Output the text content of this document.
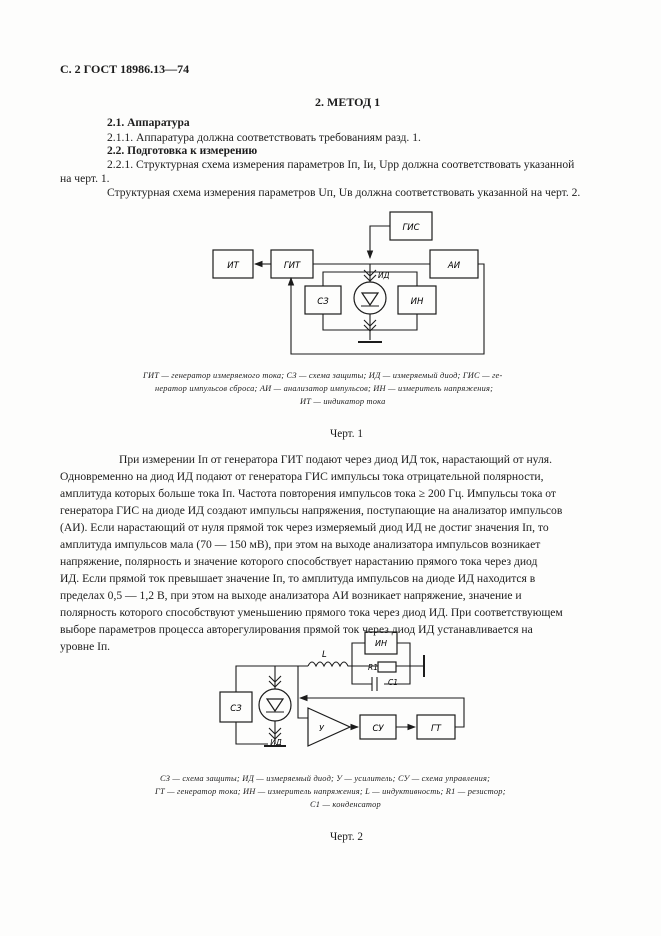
С. 2 ГОСТ 18986.13—74
2. МЕТОД 1
2.1. Аппаратура
2.1.1. Аппаратура должна соответствовать требованиям разд. 1.
2.2. Подготовка к измерению
2.2.1. Структурная схема измерения параметров Iп, Iи, Uрр должна соответствовать указанной
на черт. 1.
Структурная схема измерения параметров Uп, Uв должна соответствовать указанной на черт. 2.
ИТ	ГИТ
ГИС
АИ
СЗ	ИН
ИД
ГИТ — генератор измеряемого тока; СЗ — схема защиты; ИД — измеряемый диод; ГИС — ге-
нератор импульсов сброса; АИ — анализатор импульсов; ИН — измеритель напряжения;
ИТ — индикатор тока
Черт. 1
При измерении Iп от генератора ГИТ подают через диод ИД ток, нарастающий от нуля.
Одновременно на диод ИД подают от генератора ГИС импульсы тока отрицательной полярности,
амплитуда которых больше тока Iп. Частота повторения импульсов тока ≥ 200 Гц. Импульсы тока от
генератора ГИС на диоде ИД создают импульсы напряжения, поступающие на анализатор импульсов
(АИ). Если нарастающий от нуля прямой ток через измеряемый диод ИД не достиг значения Iп, то
амплитуда импульсов мала (70 — 150 мВ), при этом на выходе анализатора импульсов возникает
напряжение, полярность и значение которого способствует нарастанию прямого тока через диод
ИД. Если прямой ток превышает значение Iп, то амплитуда импульсов на диоде ИД находится в
пределах 0,5 — 1,2 В, при этом на выходе анализатора АИ возникает напряжение, значение и
полярность которого способствуют уменьшению прямого тока через диод ИД. При соответствующем
выборе параметров процесса авторегулирования прямой ток через диод ИД устанавливается на
уровне Iп.
СЗ
ИН
СУ	ГТ
R1
L
C1
У
ИД
СЗ — схема защиты; ИД — измеряемый диод; У — усилитель; СУ — схема управления;
ГТ — генератор тока; ИН — измеритель напряжения; L — индуктивность; R1 — резистор;
C1 — конденсатор
Черт. 2
